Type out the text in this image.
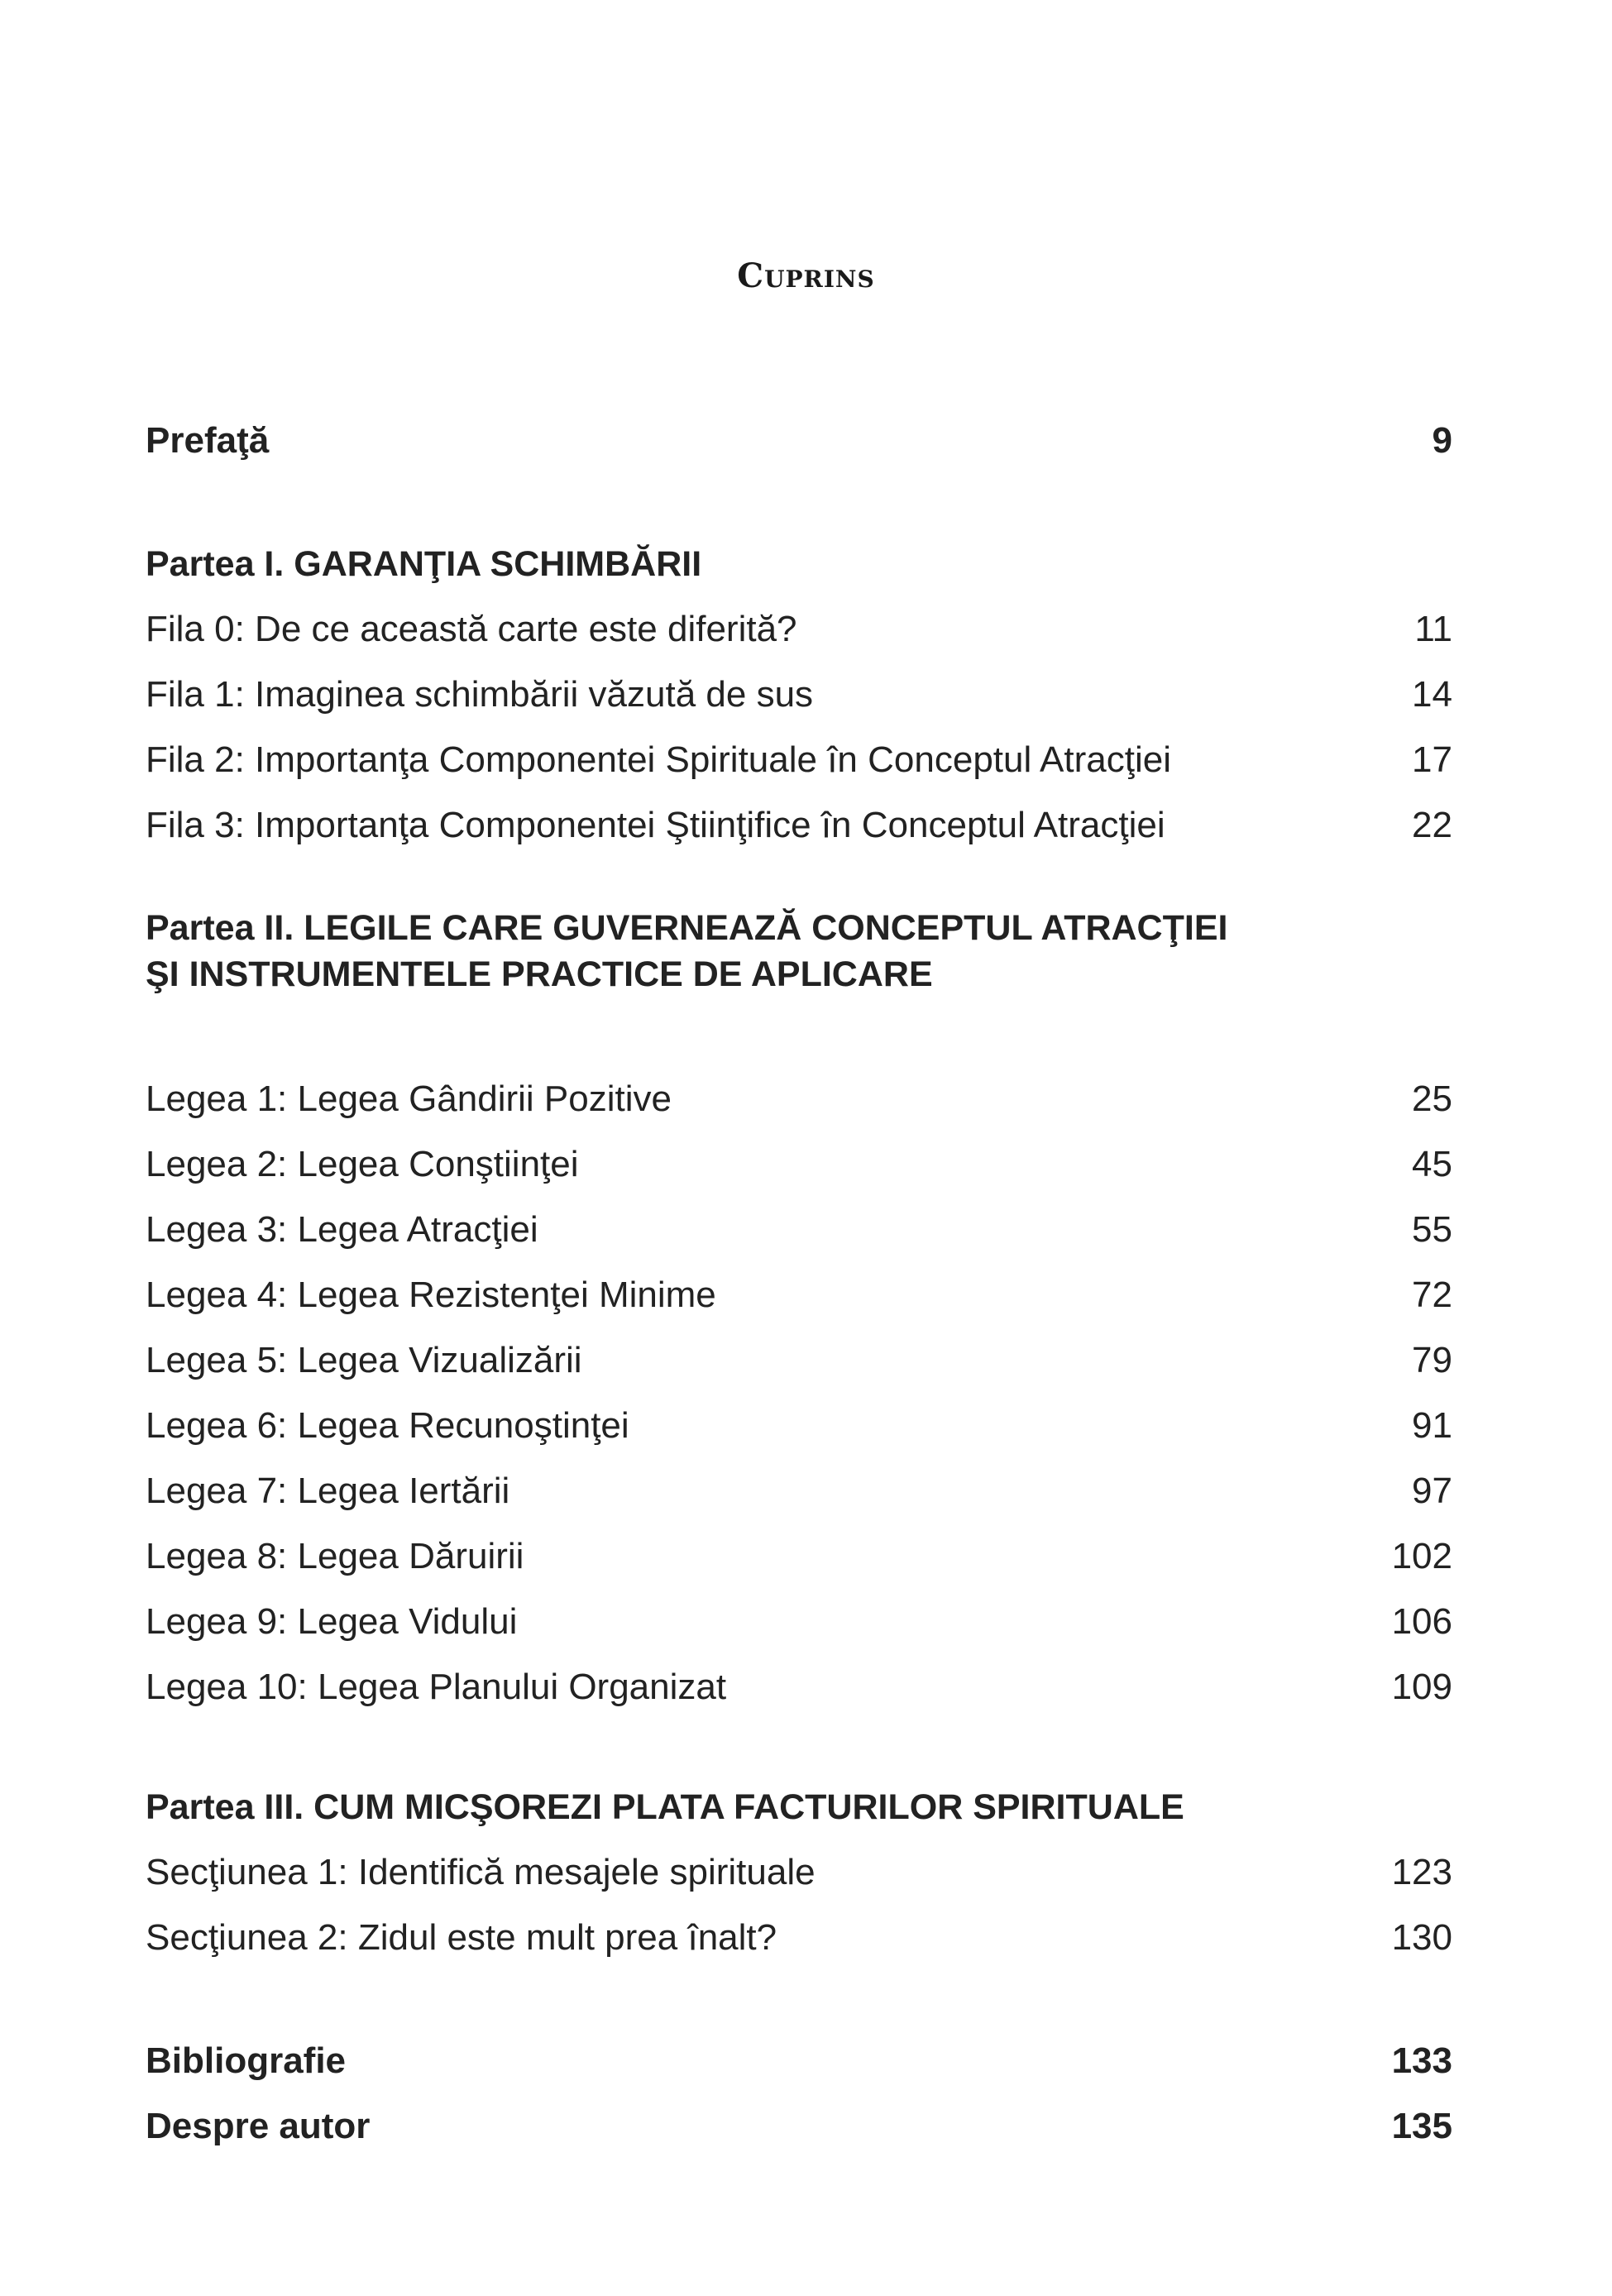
Cuprins
Prefaţă	9
Partea I. GARANŢIA SCHIMBĂRII
Fila 0: De ce această carte este diferită?	11
Fila 1: Imaginea schimbării văzută de sus	14
Fila 2: Importanţa Componentei Spirituale în Conceptul Atracţiei	17
Fila 3: Importanţa Componentei Ştiinţifice în Conceptul Atracţiei	22
Partea II. LEGILE CARE GUVERNEAZĂ CONCEPTUL ATRACŢIEI
ŞI INSTRUMENTELE PRACTICE DE APLICARE
Legea 1: Legea Gândirii Pozitive	25
Legea 2: Legea Conştiinţei	45
Legea 3: Legea Atracţiei	55
Legea 4: Legea Rezistenţei Minime	72
Legea 5: Legea Vizualizării	79
Legea 6: Legea Recunoştinţei	91
Legea 7: Legea Iertării	97
Legea 8: Legea Dăruirii	102
Legea 9: Legea Vidului	106
Legea 10: Legea Planului Organizat	109
Partea III. CUM MICŞOREZI PLATA FACTURILOR SPIRITUALE
Secţiunea 1: Identifică mesajele spirituale	123
Secţiunea 2: Zidul este mult prea înalt?	130
Bibliografie	133
Despre autor	135
